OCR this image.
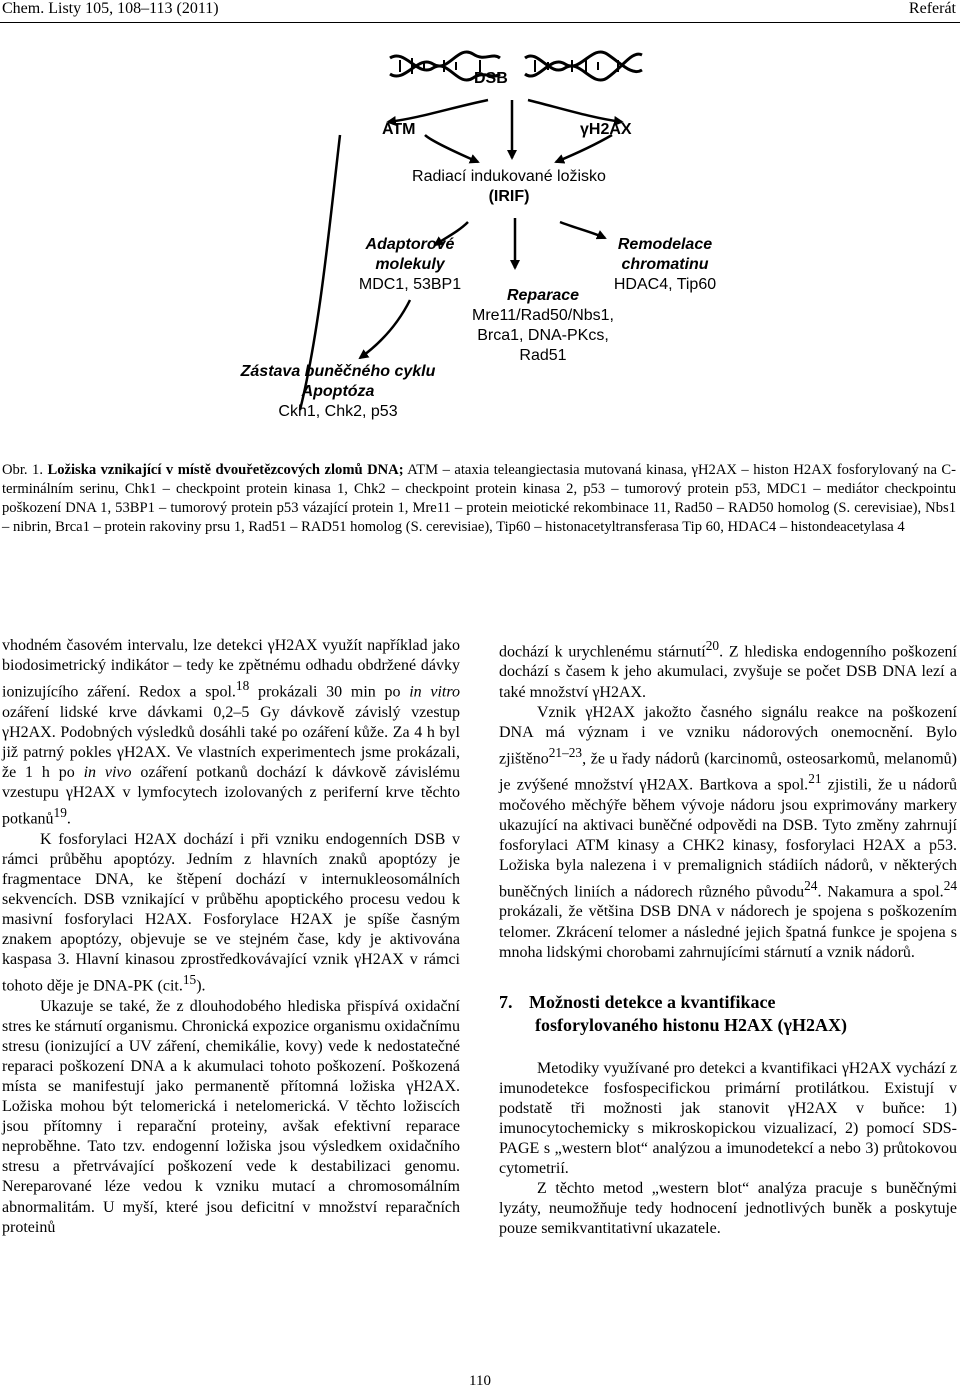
Chem. Listy 105, 108–113 (2011)	Referát
DSB
ATM	γH2AX
Radiací indukované ložisko
(IRIF)
Adaptorové
molekuly
MDC1, 53BP1
Remodelace
chromatinu
HDAC4, Tip60
Reparace
Mre11/Rad50/Nbs1,
Brca1, DNA-PKcs,
Rad51
Zástava buněčného cyklu
Apoptóza
Ckh1, Chk2, p53
Obr. 1. Ložiska vznikající v místě dvouřetězcových zlomů DNA; ATM – ataxia teleangiectasia mutovaná kinasa, γH2AX – histon H2AX fosforylovaný na C-terminálním serinu, Chk1 – checkpoint protein kinasa 1, Chk2 – checkpoint protein kinasa 2, p53 – tumorový protein p53, MDC1 – mediátor checkpointu poškození DNA 1, 53BP1 – tumorový protein p53 vázající protein 1, Mre11 – protein meiotické rekombinace 11, Rad50 – RAD50 homolog (S. cerevisiae), Nbs1 – nibrin, Brca1 – protein rakoviny prsu 1, Rad51 – RAD51 homolog (S. cerevisiae), Tip60 – histonacetyltransferasa Tip 60, HDAC4 – histondeacetylasa 4

vhodném časovém intervalu, lze detekci γH2AX využít například jako biodosimetrický indikátor – tedy ke zpětnému odhadu obdržené dávky ionizujícího záření. Redox a spol.$^{18}$ prokázali 30 min po in vitro ozáření lidské krve dávkami 0,2–5 Gy dávkově závislý vzestup γH2AX. Podobných výsledků dosáhli také po ozáření kůže. Za 4 h byl již patrný pokles γH2AX. Ve vlastních experimentech jsme prokázali, že 1 h po in vivo ozáření potkanů dochází k dávkově závislému vzestupu γH2AX v lymfocytech izolovaných z periferní krve těchto potkanů$^{19}$.

K fosforylaci H2AX dochází i při vzniku endogenních DSB v rámci průběhu apoptózy. Jedním z hlavních znaků apoptózy je fragmentace DNA, ke štěpení dochází v internukleosomálních sekvencích. DSB vznikající v průběhu apoptického procesu vedou k masivní fosforylaci H2AX. Fosforylace H2AX je spíše časným znakem apoptózy, objevuje se ve stejném čase, kdy je aktivována kaspasa 3. Hlavní kinasou zprostředkovávající vznik γH2AX v rámci tohoto děje je DNA-PK (cit.$^{15}$).

Ukazuje se také, že z dlouhodobého hlediska přispívá oxidační stres ke stárnutí organismu. Chronická expozice organismu oxidačnímu stresu (ionizující a UV záření, chemikálie, kovy) vede k nedostatečné reparaci poškození DNA a k akumulaci tohoto poškození. Poškozená místa se manifestují jako permanentě přítomná ložiska γH2AX. Ložiska mohou být telomerická i netelomerická. V těchto ložiscích jsou přítomny i reparační proteiny, avšak efektivní reparace neproběhne. Tato tzv. endogenní ložiska jsou výsledkem oxidačního stresu a přetrvávající poškození vede k destabilizaci genomu. Nereparované léze vedou k vzniku mutací a chromosomálním abnormalitám. U myší, které jsou deficitní v množství reparačních proteinů

dochází k urychlenému stárnutí$^{20}$. Z hlediska endogenního poškození dochází s časem k jeho akumulaci, zvyšuje se počet DSB DNA lezí a také množství γH2AX.

Vznik γH2AX jakožto časného signálu reakce na poškození DNA má význam i ve vzniku nádorových onemocnění. Bylo zjištěno$^{21-23}$, že u řady nádorů (karcinomů, osteosarkomů, melanomů) je zvýšené množství γH2AX. Bartkova a spol.$^{21}$ zjistili, že u nádorů močového měchýře během vývoje nádoru jsou exprimovány markery ukazující na aktivaci buněčné odpovědi na DSB. Tyto změny zahrnují fosforylaci ATM kinasy a CHK2 kinasy, fosforylaci H2AX a p53. Ložiska byla nalezena i v premalignich stádiích nádorů, v některých buněčných liniích a nádorech různého původu$^{24}$. Nakamura a spol.$^{24}$ prokázali, že většina DSB DNA v nádorech je spojena s poškozením telomer. Zkrácení telomer a následné jejich špatná funkce je spojena s mnoha lidskými chorobami zahrnujícími stárnutí a vznik nádorů.

7. Možnosti detekce a kvantifikace
fosforylovaného histonu H2AX (γH2AX)

Metodiky využívané pro detekci a kvantifikaci γH2AX vychází z imunodetekce fosfospecifickou primární protilátkou. Existují v podstatě tři možnosti jak stanovit γH2AX v buňce: 1) imunocytochemicky s mikroskopickou vizualizací, 2) pomocí SDS-PAGE s „western blot“ analýzou a imunodetekcí a nebo 3) průtokovou cytometrií.

Z těchto metod „western blot“ analýza pracuje s buněčnými lyzáty, neumožňuje tedy hodnocení jednotlivých buněk a poskytuje pouze semikvantitativní ukazatele.

110
